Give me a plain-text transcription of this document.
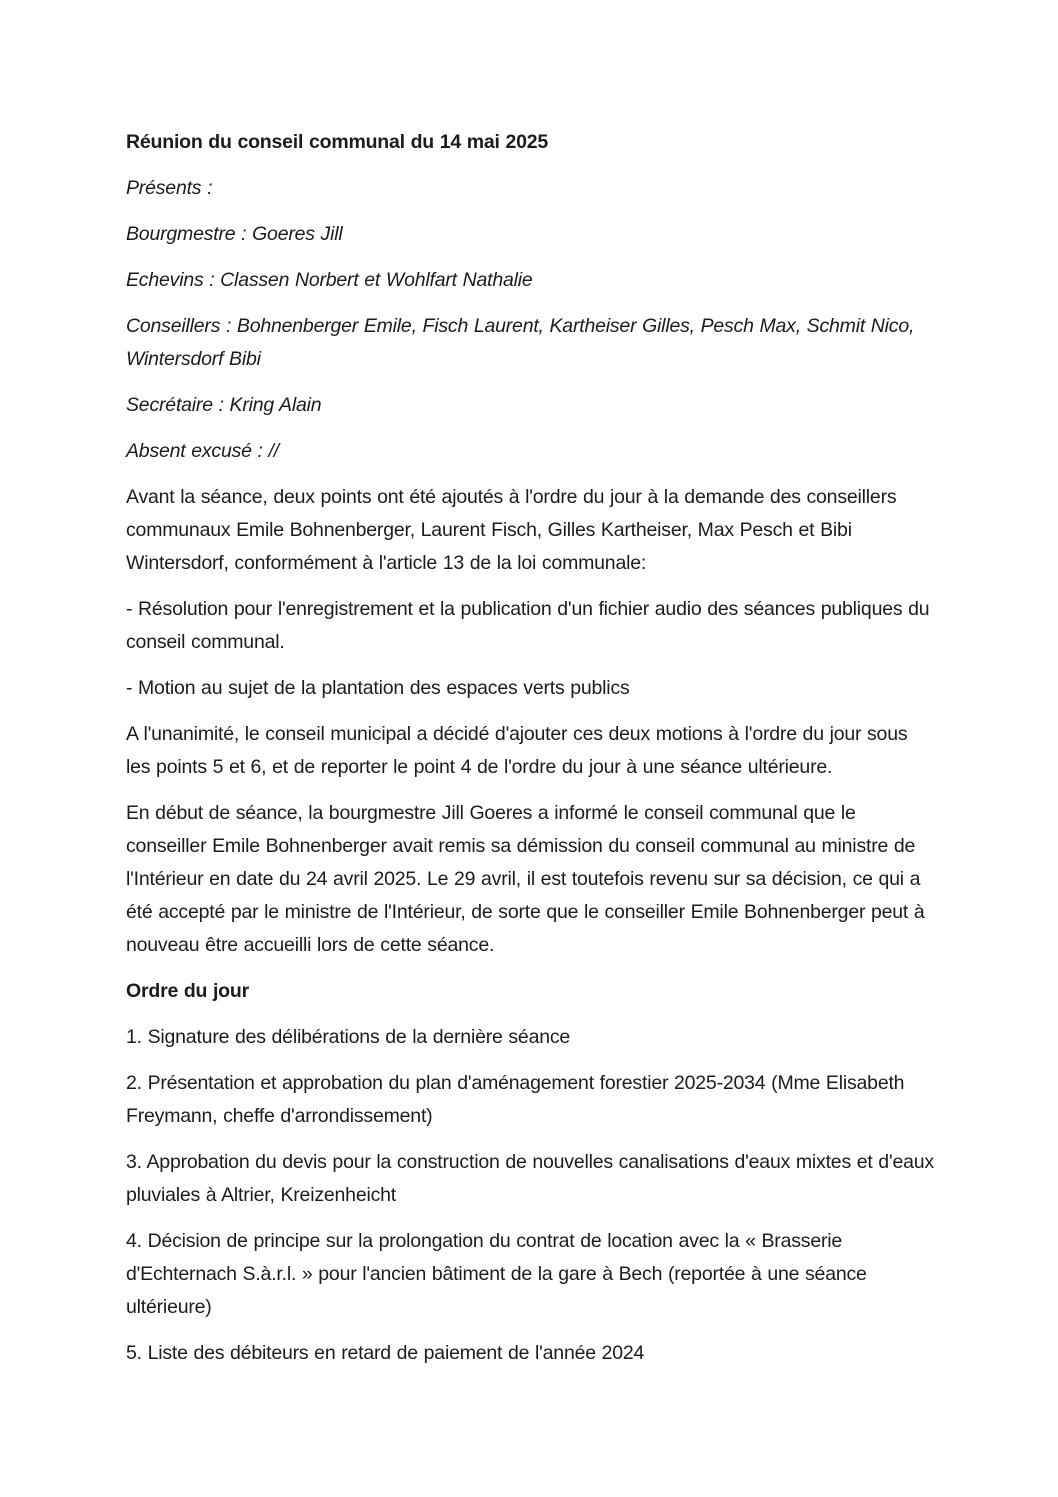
Réunion du conseil communal du 14 mai 2025

Présents :

Bourgmestre : Goeres Jill

Echevins : Classen Norbert et Wohlfart Nathalie

Conseillers : Bohnenberger Emile, Fisch Laurent, Kartheiser Gilles, Pesch Max, Schmit Nico, Wintersdorf Bibi

Secrétaire : Kring Alain

Absent excusé : //

Avant la séance, deux points ont été ajoutés à l'ordre du jour à la demande des conseillers communaux Emile Bohnenberger, Laurent Fisch, Gilles Kartheiser, Max Pesch et Bibi Wintersdorf, conformément à l'article 13 de la loi communale:

- Résolution pour l'enregistrement et la publication d'un fichier audio des séances publiques du conseil communal.

- Motion au sujet de la plantation des espaces verts publics

A l'unanimité, le conseil municipal a décidé d'ajouter ces deux motions à l'ordre du jour sous les points 5 et 6, et de reporter le point 4 de l'ordre du jour à une séance ultérieure.

En début de séance, la bourgmestre Jill Goeres a informé le conseil communal que le conseiller Emile Bohnenberger avait remis sa démission du conseil communal au ministre de l'Intérieur en date du 24 avril 2025. Le 29 avril, il est toutefois revenu sur sa décision, ce qui a été accepté par le ministre de l'Intérieur, de sorte que le conseiller Emile Bohnenberger peut à nouveau être accueilli lors de cette séance.

Ordre du jour

1. Signature des délibérations de la dernière séance

2. Présentation et approbation du plan d'aménagement forestier 2025-2034 (Mme Elisabeth Freymann, cheffe d'arrondissement)

3. Approbation du devis pour la construction de nouvelles canalisations d'eaux mixtes et d'eaux pluviales à Altrier, Kreizenheicht

4. Décision de principe sur la prolongation du contrat de location avec la « Brasserie d'Echternach S.à.r.l. » pour l'ancien bâtiment de la gare à Bech (reportée à une séance ultérieure)

5. Liste des débiteurs en retard de paiement de l'année 2024
